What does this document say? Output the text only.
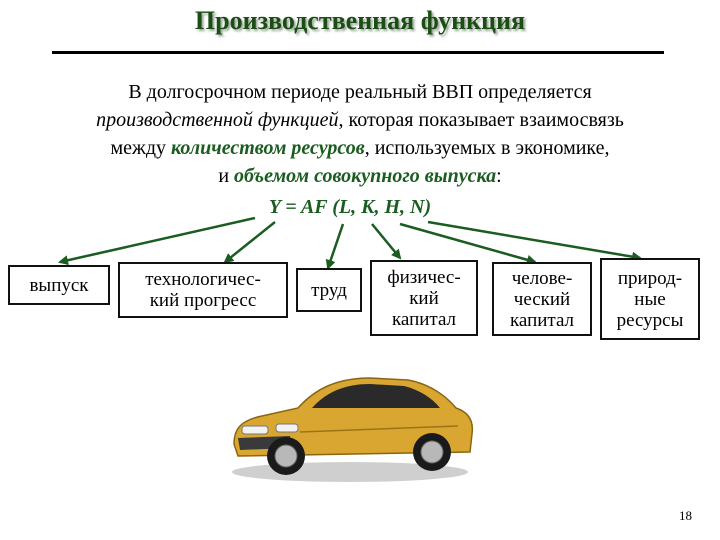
Производственная функция
В долгосрочном периоде реальный ВВП определяется
производственной функцией, которая показывает взаимосвязь
между количеством ресурсов, используемых в экономике,
и объемом совокупного выпуска:
Y = AF (L, K, H, N)
выпуск	технологичес-
кий прогресс	труд
физичес-
кий
капитал
челове-
ческий
капитал
природ-
ные
ресурсы
18
